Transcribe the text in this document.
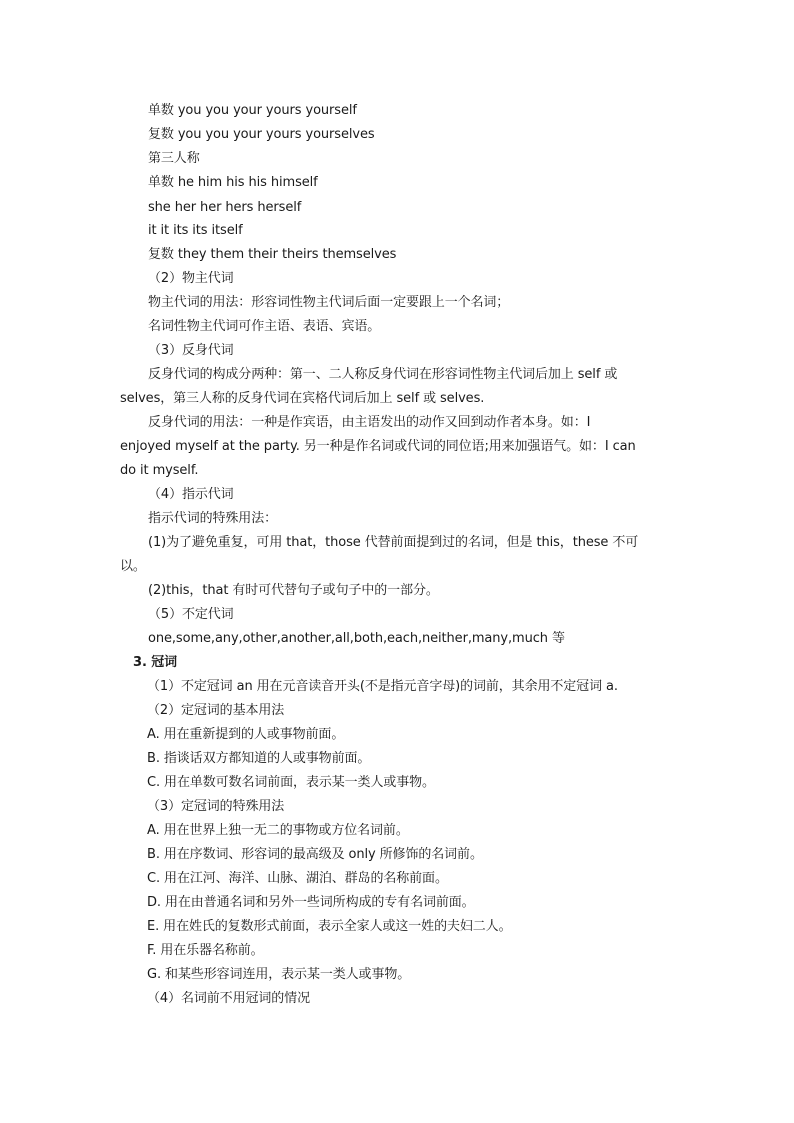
单数 you you your yours yourself
复数 you you your yours yourselves
第三人称
单数 he him his his himself
she her her hers herself
it it its its itself
复数 they them their theirs themselves
（2）物主代词
物主代词的用法：形容词性物主代词后面一定要跟上一个名词；
名词性物主代词可作主语、表语、宾语。
（3）反身代词
反身代词的构成分两种：第一、二人称反身代词在形容词性物主代词后加上 self 或
selves，第三人称的反身代词在宾格代词后加上 self 或 selves.
反身代词的用法：一种是作宾语，由主语发出的动作又回到动作者本身。如：I
enjoyed myself at the party. 另一种是作名词或代词的同位语;用来加强语气。如：I can
do it myself.
（4）指示代词
指示代词的特殊用法：
(1)为了避免重复，可用 that，those 代替前面提到过的名词，但是 this，these 不可
以。
(2)this，that 有时可代替句子或句子中的一部分。
（5）不定代词
one,some,any,other,another,all,both,each,neither,many,much 等
3. 冠词
（1）不定冠词 an 用在元音读音开头(不是指元音字母)的词前，其余用不定冠词 a.
（2）定冠词的基本用法
A. 用在重新提到的人或事物前面。
B. 指谈话双方都知道的人或事物前面。
C. 用在单数可数名词前面，表示某一类人或事物。
（3）定冠词的特殊用法
A. 用在世界上独一无二的事物或方位名词前。
B. 用在序数词、形容词的最高级及 only 所修饰的名词前。
C. 用在江河、海洋、山脉、湖泊、群岛的名称前面。
D. 用在由普通名词和另外一些词所构成的专有名词前面。
E. 用在姓氏的复数形式前面，表示全家人或这一姓的夫妇二人。
F. 用在乐器名称前。
G. 和某些形容词连用，表示某一类人或事物。
（4）名词前不用冠词的情况
